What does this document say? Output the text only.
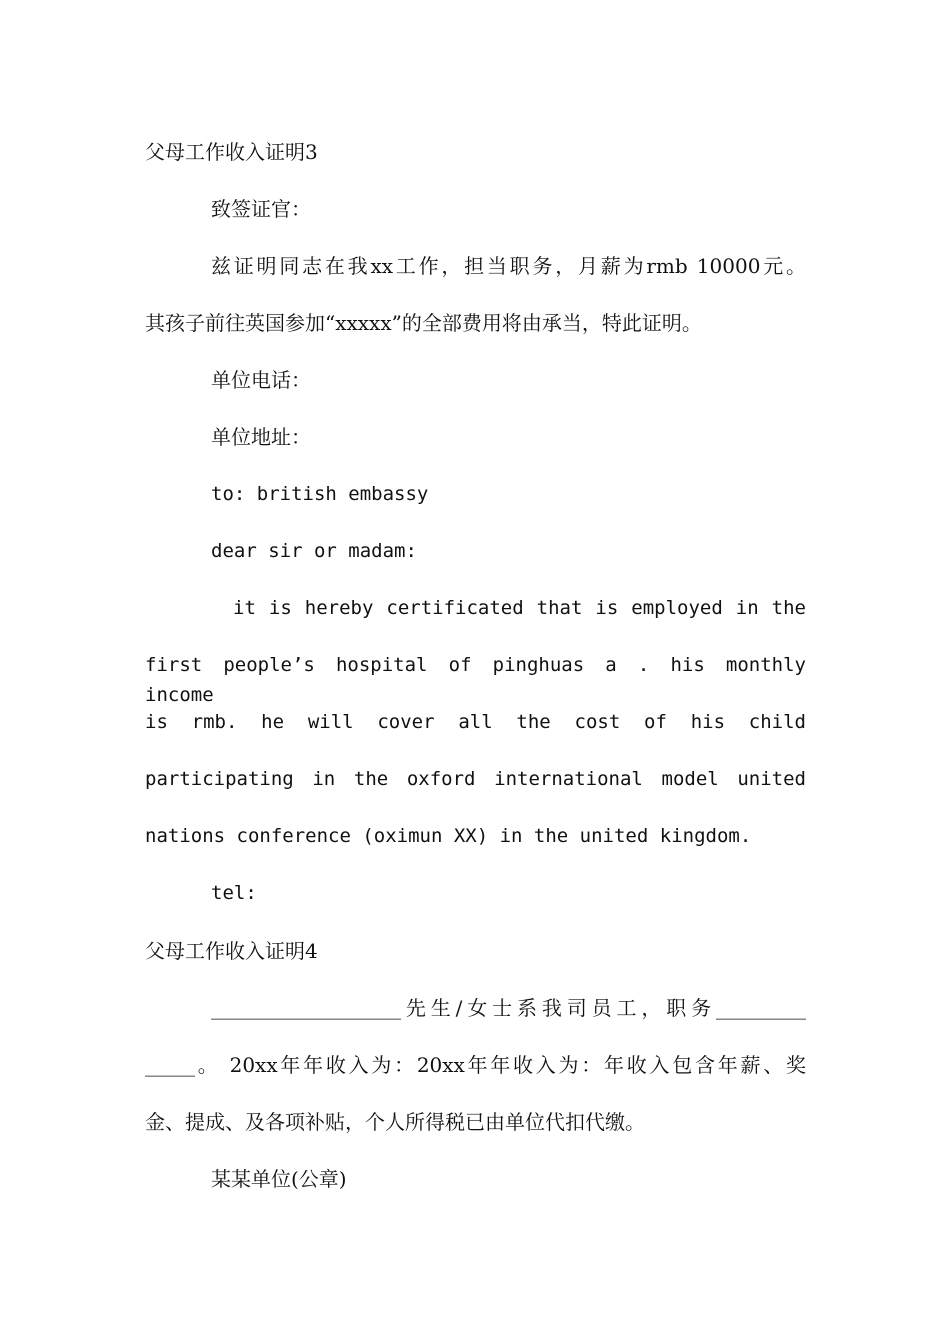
父母工作收入证明3
致签证官：
兹证明同志在我xx工作，担当职务，月薪为rmb 10000元。
其孩子前往英国参加“xxxxx”的全部费用将由承当，特此证明。
单位电话：
单位地址：
to: british embassy
dear sir or madam:
it is hereby certificated that is employed in the
first people’s hospital of pinghuas a . his monthly income
is rmb. he will cover all the cost of his child
participating in the oxford international model united
nations conference (oximun XX) in the united kingdom.
tel:
父母工作收入证明4
___________________先生/女士系我司员工，职务_________
_____。 20xx年年收入为：20xx年年收入为：年收入包含年薪、奖
金、提成、及各项补贴，个人所得税已由单位代扣代缴。
某某单位(公章)
